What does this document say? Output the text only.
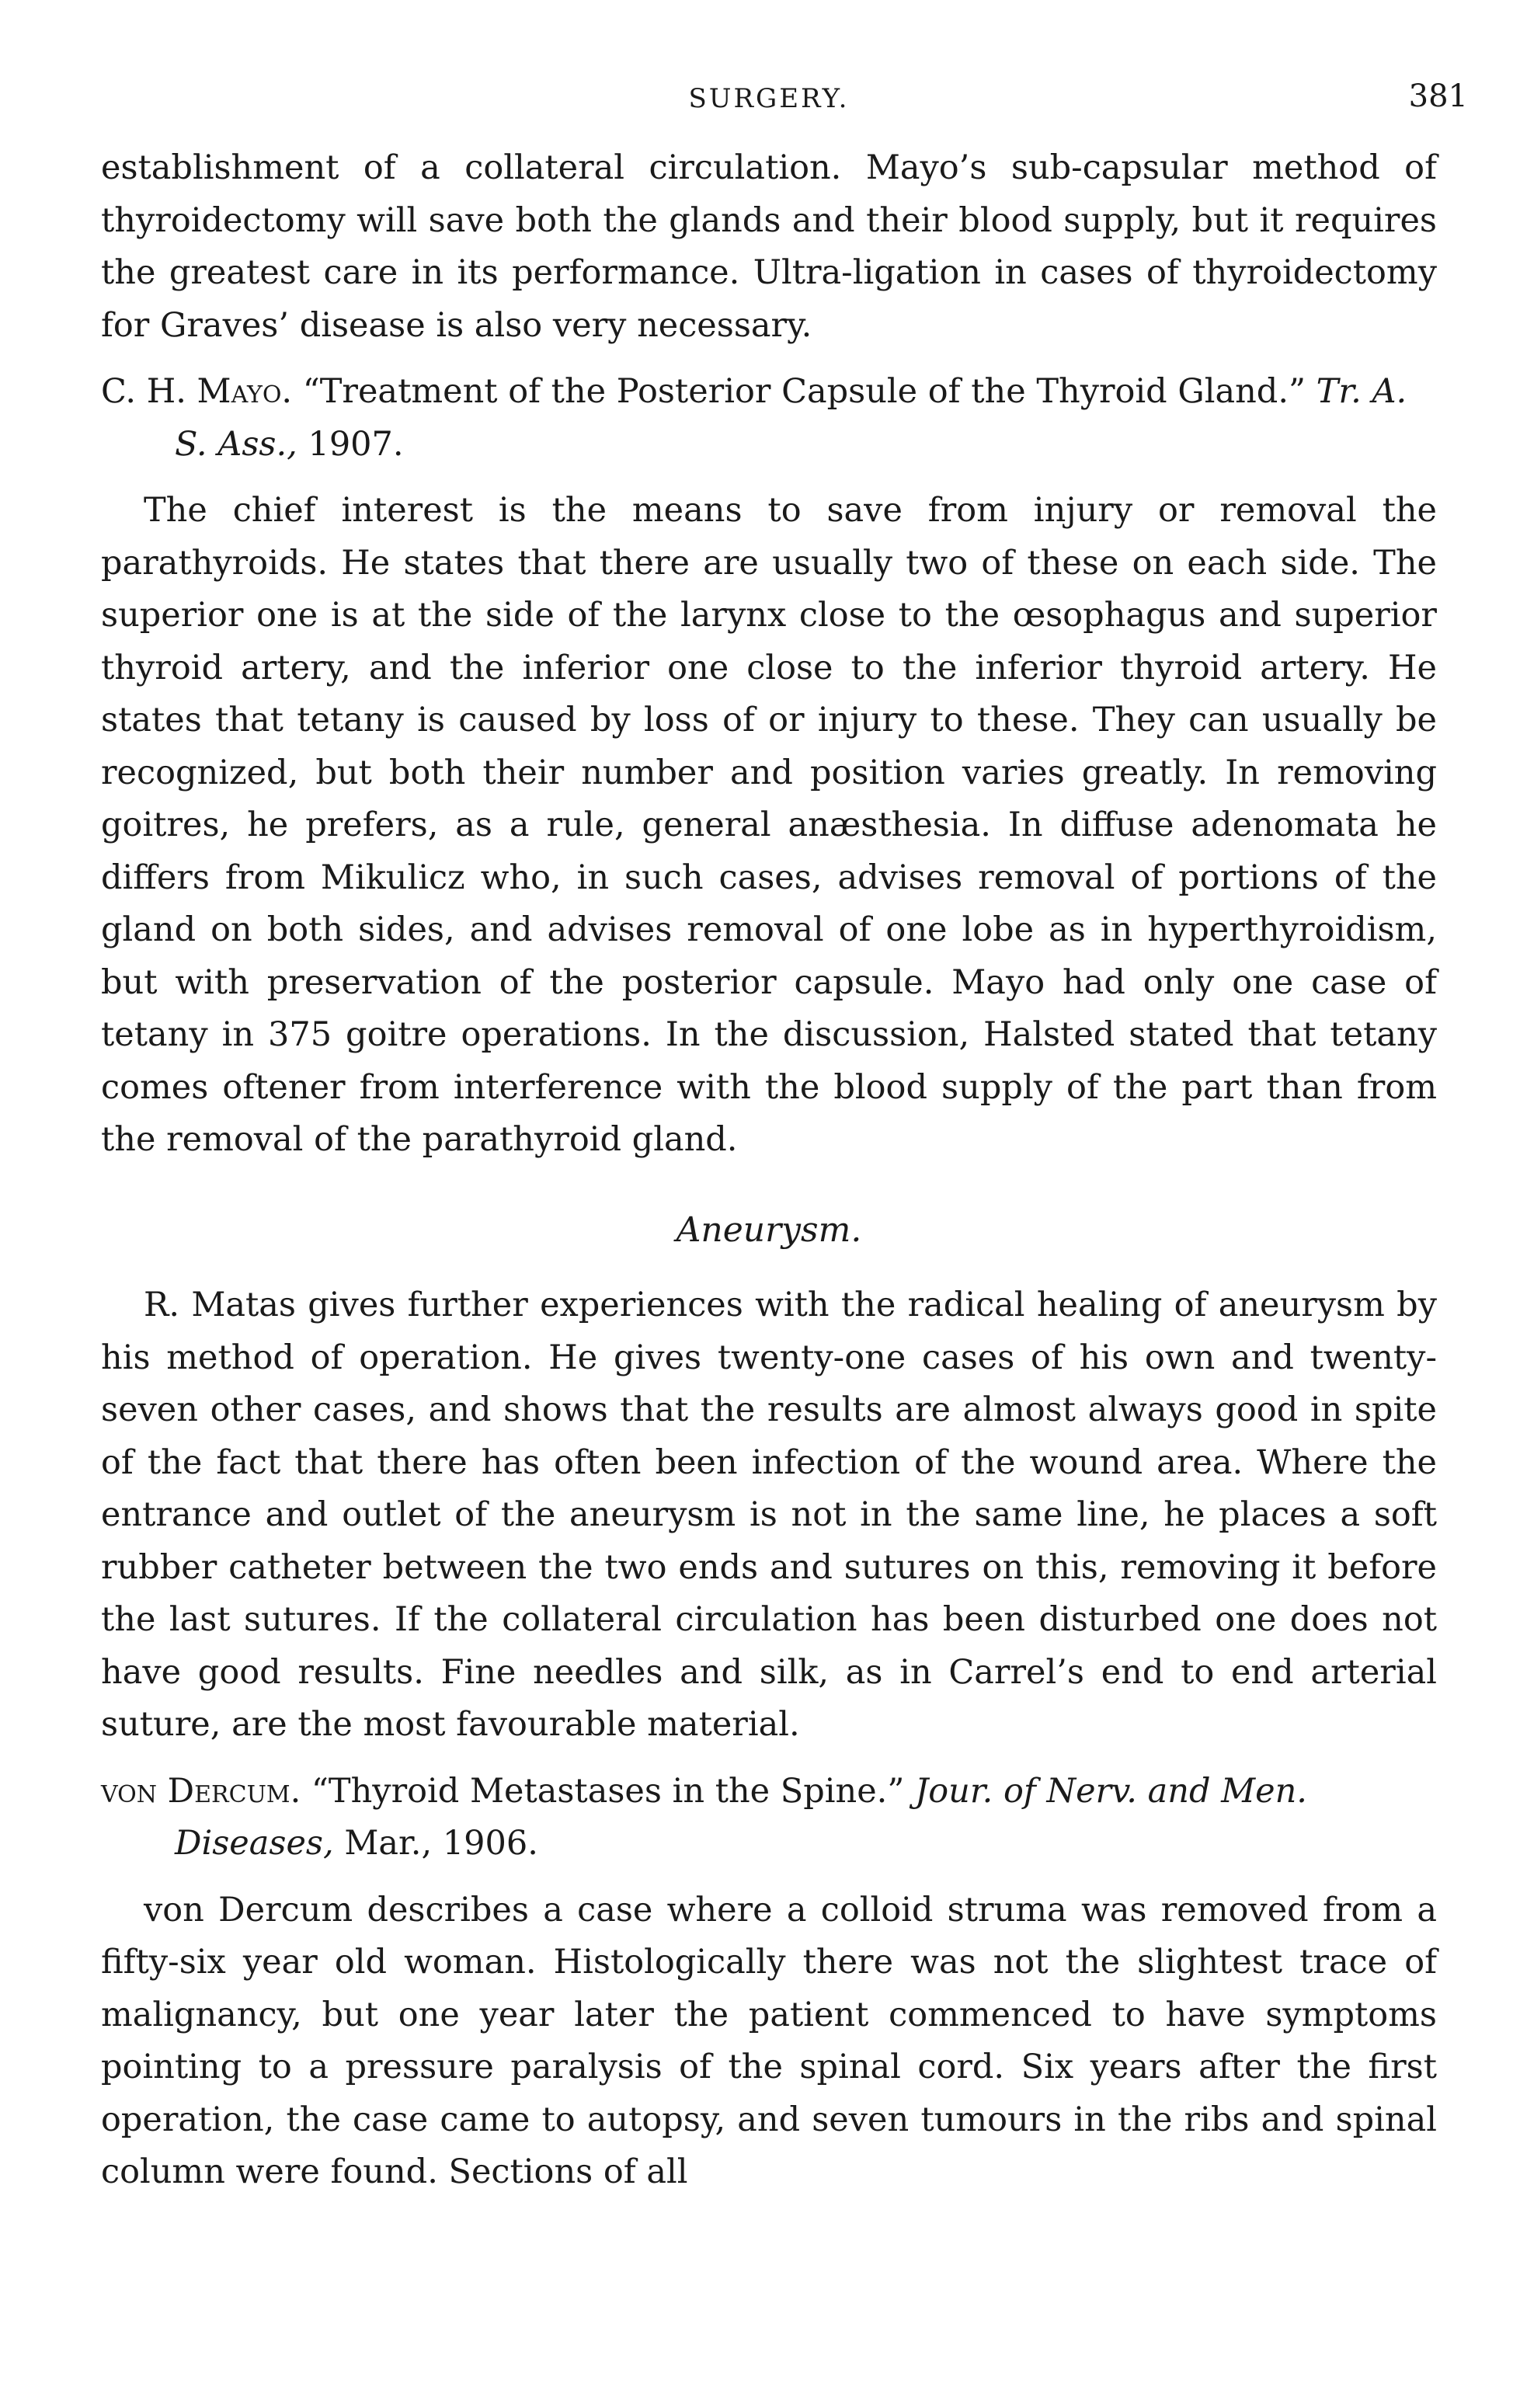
SURGERY.	381

establishment of a collateral circulation. Mayo’s sub-capsular method of thyroidectomy will save both the glands and their blood supply, but it requires the greatest care in its performance. Ultra-ligation in cases of thyroidectomy for Graves’ disease is also very necessary.

C. H. Mayo. “Treatment of the Posterior Capsule of the Thyroid Gland.” Tr. A. S. Ass., 1907.

The chief interest is the means to save from injury or removal the parathyroids. He states that there are usually two of these on each side. The superior one is at the side of the larynx close to the œsophagus and superior thyroid artery, and the inferior one close to the inferior thyroid artery. He states that tetany is caused by loss of or injury to these. They can usually be recognized, but both their number and position varies greatly. In removing goitres, he prefers, as a rule, general anæsthesia. In diffuse adenomata he differs from Mikulicz who, in such cases, advises removal of portions of the gland on both sides, and advises removal of one lobe as in hyperthyroidism, but with preservation of the posterior capsule. Mayo had only one case of tetany in 375 goitre operations. In the discussion, Halsted stated that tetany comes oftener from interference with the blood supply of the part than from the removal of the parathyroid gland.

Aneurysm.

R. Matas gives further experiences with the radical healing of aneurysm by his method of operation. He gives twenty-one cases of his own and twenty-seven other cases, and shows that the results are almost always good in spite of the fact that there has often been infection of the wound area. Where the entrance and outlet of the aneurysm is not in the same line, he places a soft rubber catheter between the two ends and sutures on this, removing it before the last sutures. If the collateral circulation has been disturbed one does not have good results. Fine needles and silk, as in Carrel’s end to end arterial suture, are the most favourable material.

von Dercum. “Thyroid Metastases in the Spine.” Jour. of Nerv. and Men. Diseases, Mar., 1906.

von Dercum describes a case where a colloid struma was removed from a fifty-six year old woman. Histologically there was not the slightest trace of malignancy, but one year later the patient commenced to have symptoms pointing to a pressure paralysis of the spinal cord. Six years after the first operation, the case came to autopsy, and seven tumours in the ribs and spinal column were found. Sections of all
